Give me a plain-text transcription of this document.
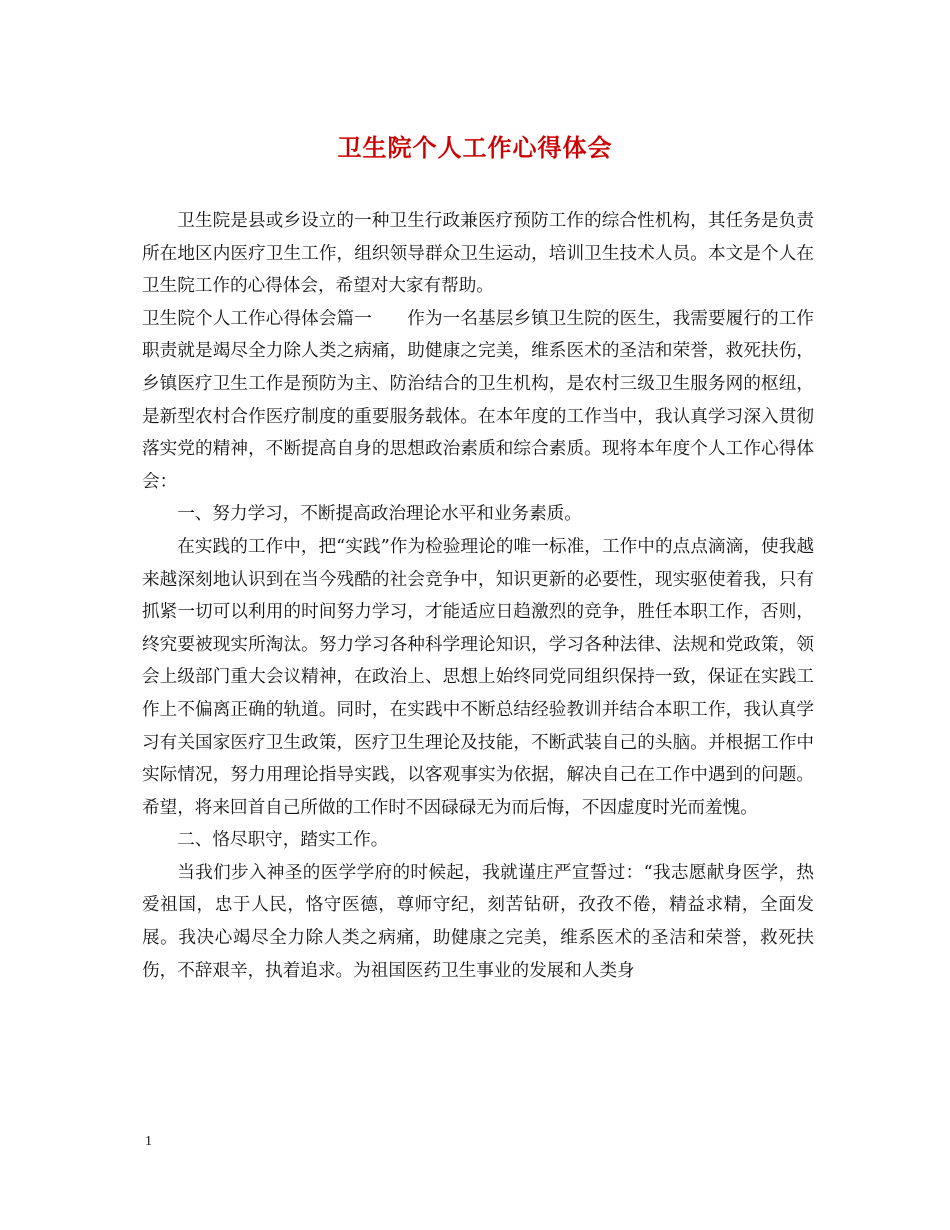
卫生院个人工作心得体会

卫生院是县或乡设立的一种卫生行政兼医疗预防工作的综合性机构，其任务是负责所在地区内医疗卫生工作，组织领导群众卫生运动，培训卫生技术人员。本文是个人在卫生院工作的心得体会，希望对大家有帮助。

卫生院个人工作心得体会篇一　　作为一名基层乡镇卫生院的医生，我需要履行的工作职责就是竭尽全力除人类之病痛，助健康之完美，维系医术的圣洁和荣誉，救死扶伤，乡镇医疗卫生工作是预防为主、防治结合的卫生机构，是农村三级卫生服务网的枢纽，是新型农村合作医疗制度的重要服务载体。在本年度的工作当中，我认真学习深入贯彻落实党的精神，不断提高自身的思想政治素质和综合素质。现将本年度个人工作心得体会：

一、努力学习，不断提高政治理论水平和业务素质。

在实践的工作中，把“实践”作为检验理论的唯一标准，工作中的点点滴滴，使我越来越深刻地认识到在当今残酷的社会竞争中，知识更新的必要性，现实驱使着我，只有抓紧一切可以利用的时间努力学习，才能适应日趋激烈的竞争，胜任本职工作，否则，终究要被现实所淘汰。努力学习各种科学理论知识，学习各种法律、法规和党政策，领会上级部门重大会议精神，在政治上、思想上始终同党同组织保持一致，保证在实践工作上不偏离正确的轨道。同时，在实践中不断总结经验教训并结合本职工作，我认真学习有关国家医疗卫生政策，医疗卫生理论及技能，不断武装自己的头脑。并根据工作中实际情况，努力用理论指导实践，以客观事实为依据，解决自己在工作中遇到的问题。希望，将来回首自己所做的工作时不因碌碌无为而后悔，不因虚度时光而羞愧。

二、恪尽职守，踏实工作。

当我们步入神圣的医学学府的时候起，我就谨庄严宣誓过：“我志愿献身医学，热爱祖国，忠于人民，恪守医德，尊师守纪，刻苦钻研，孜孜不倦，精益求精，全面发展。我决心竭尽全力除人类之病痛，助健康之完美，维系医术的圣洁和荣誉，救死扶伤，不辞艰辛，执着追求。为祖国医药卫生事业的发展和人类身

1
